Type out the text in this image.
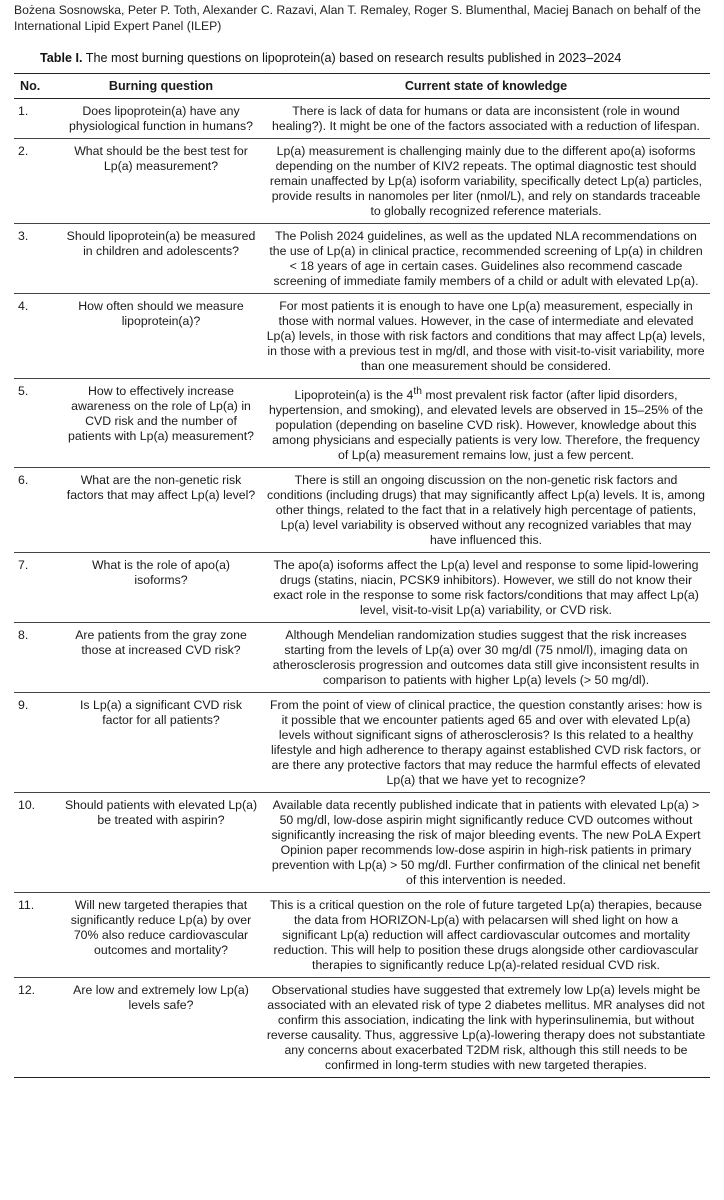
Bożena Sosnowska, Peter P. Toth, Alexander C. Razavi, Alan T. Remaley, Roger S. Blumenthal, Maciej Banach on behalf of the International Lipid Expert Panel (ILEP)
Table I. The most burning questions on lipoprotein(a) based on research results published in 2023–2024
No.	Burning question	Current state of knowledge
1.	Does lipoprotein(a) have any physiological function in humans?	There is lack of data for humans or data are inconsistent (role in wound healing?). It might be one of the factors associated with a reduction of lifespan.
2.	What should be the best test for Lp(a) measurement?	Lp(a) measurement is challenging mainly due to the different apo(a) isoforms depending on the number of KIV2 repeats. The optimal diagnostic test should remain unaffected by Lp(a) isoform variability, specifically detect Lp(a) particles, provide results in nanomoles per liter (nmol/L), and rely on standards traceable to globally recognized reference materials.
3.	Should lipoprotein(a) be measured in children and adolescents?	The Polish 2024 guidelines, as well as the updated NLA recommendations on the use of Lp(a) in clinical practice, recommended screening of Lp(a) in children < 18 years of age in certain cases. Guidelines also recommend cascade screening of immediate family members of a child or adult with elevated Lp(a).
4.	How often should we measure lipoprotein(a)?	For most patients it is enough to have one Lp(a) measurement, especially in those with normal values. However, in the case of intermediate and elevated Lp(a) levels, in those with risk factors and conditions that may affect Lp(a) levels, in those with a previous test in mg/dl, and those with visit-to-visit variability, more than one measurement should be considered.
5.	How to effectively increase awareness on the role of Lp(a) in CVD risk and the number of patients with Lp(a) measurement?	Lipoprotein(a) is the 4th most prevalent risk factor (after lipid disorders, hypertension, and smoking), and elevated levels are observed in 15–25% of the population (depending on baseline CVD risk). However, knowledge about this among physicians and especially patients is very low. Therefore, the frequency of Lp(a) measurement remains low, just a few percent.
6.	What are the non-genetic risk factors that may affect Lp(a) level?	There is still an ongoing discussion on the non-genetic risk factors and conditions (including drugs) that may significantly affect Lp(a) levels. It is, among other things, related to the fact that in a relatively high percentage of patients, Lp(a) level variability is observed without any recognized variables that may have influenced this.
7.	What is the role of apo(a) isoforms?	The apo(a) isoforms affect the Lp(a) level and response to some lipid-lowering drugs (statins, niacin, PCSK9 inhibitors). However, we still do not know their exact role in the response to some risk factors/conditions that may affect Lp(a) level, visit-to-visit Lp(a) variability, or CVD risk.
8.	Are patients from the gray zone those at increased CVD risk?	Although Mendelian randomization studies suggest that the risk increases starting from the levels of Lp(a) over 30 mg/dl (75 nmol/l), imaging data on atherosclerosis progression and outcomes data still give inconsistent results in comparison to patients with higher Lp(a) levels (> 50 mg/dl).
9.	Is Lp(a) a significant CVD risk factor for all patients?	From the point of view of clinical practice, the question constantly arises: how is it possible that we encounter patients aged 65 and over with elevated Lp(a) levels without significant signs of atherosclerosis? Is this related to a healthy lifestyle and high adherence to therapy against established CVD risk factors, or are there any protective factors that may reduce the harmful effects of elevated Lp(a) that we have yet to recognize?
10.	Should patients with elevated Lp(a) be treated with aspirin?	Available data recently published indicate that in patients with elevated Lp(a) > 50 mg/dl, low-dose aspirin might significantly reduce CVD outcomes without significantly increasing the risk of major bleeding events. The new PoLA Expert Opinion paper recommends low-dose aspirin in high-risk patients in primary prevention with Lp(a) > 50 mg/dl. Further confirmation of the clinical net benefit of this intervention is needed.
11.	Will new targeted therapies that significantly reduce Lp(a) by over 70% also reduce cardiovascular outcomes and mortality?	This is a critical question on the role of future targeted Lp(a) therapies, because the data from HORIZON-Lp(a) with pelacarsen will shed light on how a significant Lp(a) reduction will affect cardiovascular outcomes and mortality reduction. This will help to position these drugs alongside other cardiovascular therapies to significantly reduce Lp(a)-related residual CVD risk.
12.	Are low and extremely low Lp(a) levels safe?	Observational studies have suggested that extremely low Lp(a) levels might be associated with an elevated risk of type 2 diabetes mellitus. MR analyses did not confirm this association, indicating the link with hyperinsulinemia, but without reverse causality. Thus, aggressive Lp(a)-lowering therapy does not substantiate any concerns about exacerbated T2DM risk, although this still needs to be confirmed in long-term studies with new targeted therapies.
